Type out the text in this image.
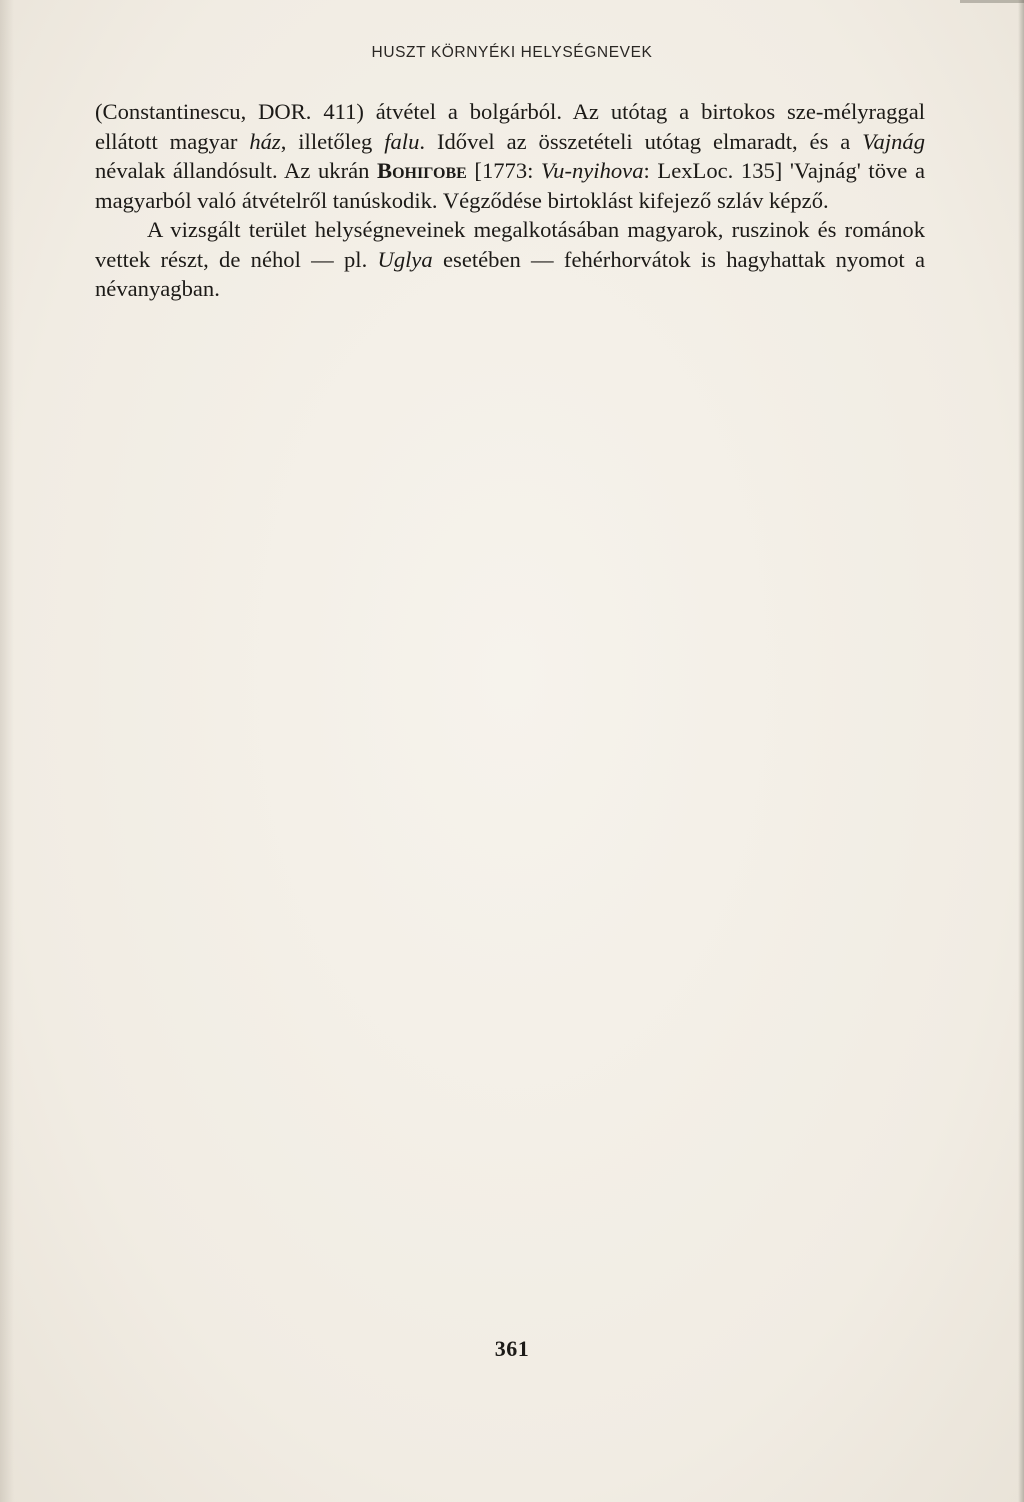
HUSZT KÖRNYÉKI HELYSÉGNEVEK

(Constantinescu, DOR. 411) átvétel a bolgárból. Az utótag a birtokos sze-mélyraggal ellátott magyar ház, illetőleg falu. Idővel az összetételi utótag elmaradt, és a Vajnág névalak állandósult. Az ukrán Вонігове [1773: Vu-nyihova: LexLoc. 135] 'Vajnág' töve a magyarból való átvételről tanúskodik. Végződése birtoklást kifejező szláv képző.

A vizsgált terület helységneveinek megalkotásában magyarok, ruszinok és románok vettek részt, de néhol — pl. Uglya esetében — fehérhorvátok is hagyhattak nyomot a névanyagban.

361
